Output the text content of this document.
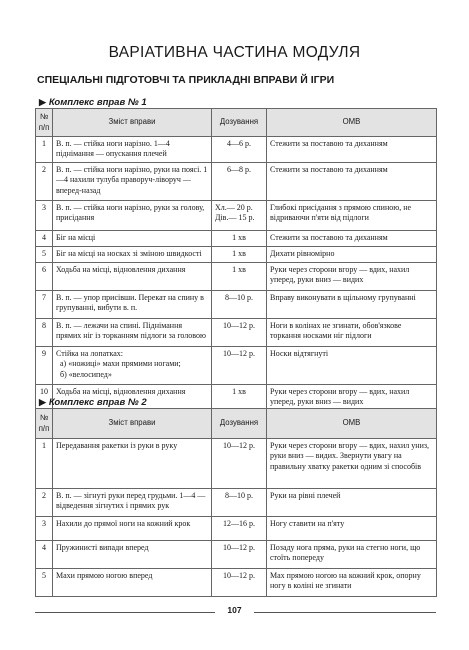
ВАРІАТИВНА ЧАСТИНА МОДУЛЯ
СПЕЦІАЛЬНІ ПІДГОТОВЧІ ТА ПРИКЛАДНІ ВПРАВИ Й ІГРИ
▶ Комплекс вправ № 1
№ п/п	Зміст вправи	Дозування	ОМВ
1	В. п. — стійка ноги нарізно. 1—4 піднімання — опускання плечей	4—6 р.	Стежити за поставою та диханням
2	В. п. — стійка ноги нарізно, руки на поясі. 1—4 нахили тулуба праворуч-ліворуч — вперед-назад	6—8 р.	Стежити за поставою та диханням
3	В. п. — стійка ноги нарізно, руки за голову, присідання	Хл.— 20 р.
Дів.— 15 р.	Глибокі присідання з прямою спиною, не відриваючи п'яти від підлоги
4	Біг на місці	1 хв	Стежити за поставою та диханням
5	Біг на місці на носках зі зміною швидкості	1 хв	Дихати рівномірно
6	Ходьба на місці, відновлення дихання	1 хв	Руки через сторони вгору — вдих, нахил уперед, руки вниз — видих
7	В. п. — упор присівши. Перекат на спину в групуванні, вибути в. п.	8—10 р.	Вправу виконувати в щільному групуванні
8	В. п. — лежачи на спині. Піднімання прямих ніг із торканням підлоги за головою	10—12 р.	Ноги в колінах не згинати, обов'язкове торкання носками ніг підлоги
9	Стійка на лопатках:
а) «ножиці» махи прямими ногами;
б) «велосипед»	10—12 р.	Носки відтягнуті
10	Ходьба на місці, відновлення дихання	1 хв	Руки через сторони вгору — вдих, нахил уперед, руки вниз — видих
▶ Комплекс вправ № 2
№ п/п	Зміст вправи	Дозування	ОМВ
1	Передавання ракетки із руки в руку	10—12 р.	Руки через сторони вгору — вдих, нахил униз, руки вниз — видих. Звернути увагу на правильну хватку ракетки одним зі способів
2	В. п. — зігнуті руки перед грудьми. 1—4 — відведення зігнутих і прямих рук	8—10 р.	Руки на рівні плечей
3	Нахили до прямої ноги на кожний крок	12—16 р.	Ногу ставити на п'яту
4	Пружинисті випади вперед	10—12 р.	Позаду нога пряма, руки на стегно ноги, що стоїть попереду
5	Махи прямою ногою вперед	10—12 р.	Мах прямою ногою на кожний крок, опорну ногу в коліні не згинати
107
